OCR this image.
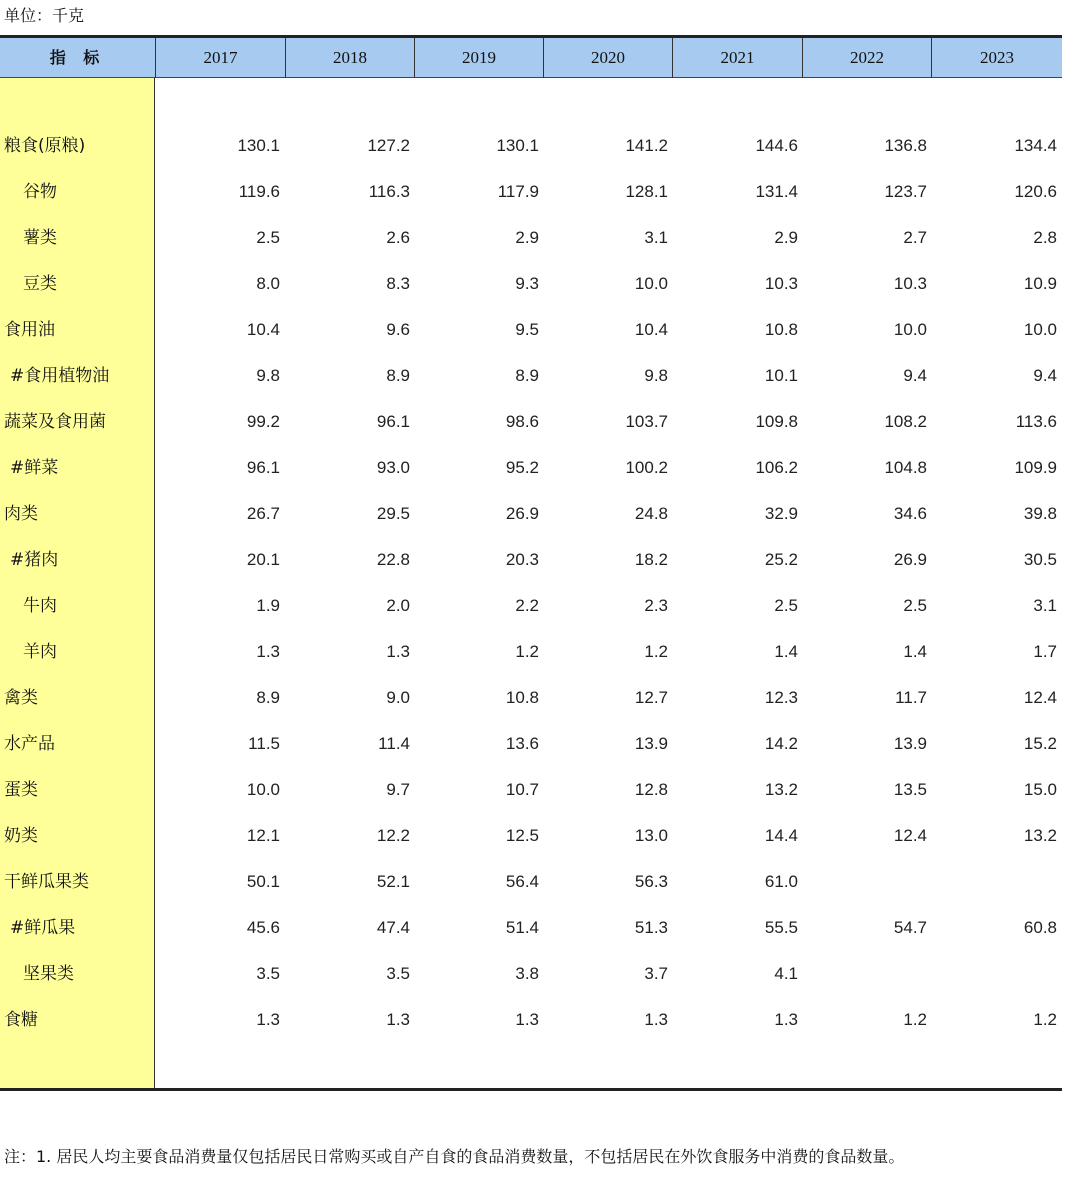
单位：千克
指 标	2017	2018	2019	2020	2021	2022	2023
粮食(原粮)	130.1	127.2	130.1	141.2	144.6	136.8	134.4
谷物	119.6	116.3	117.9	128.1	131.4	123.7	120.6
薯类	2.5	2.6	2.9	3.1	2.9	2.7	2.8
豆类	8.0	8.3	9.3	10.0	10.3	10.3	10.9
食用油	10.4	9.6	9.5	10.4	10.8	10.0	10.0
#食用植物油	9.8	8.9	8.9	9.8	10.1	9.4	9.4
蔬菜及食用菌	99.2	96.1	98.6	103.7	109.8	108.2	113.6
#鲜菜	96.1	93.0	95.2	100.2	106.2	104.8	109.9
肉类	26.7	29.5	26.9	24.8	32.9	34.6	39.8
#猪肉	20.1	22.8	20.3	18.2	25.2	26.9	30.5
牛肉	1.9	2.0	2.2	2.3	2.5	2.5	3.1
羊肉	1.3	1.3	1.2	1.2	1.4	1.4	1.7
禽类	8.9	9.0	10.8	12.7	12.3	11.7	12.4
水产品	11.5	11.4	13.6	13.9	14.2	13.9	15.2
蛋类	10.0	9.7	10.7	12.8	13.2	13.5	15.0
奶类	12.1	12.2	12.5	13.0	14.4	12.4	13.2
干鲜瓜果类	50.1	52.1	56.4	56.3	61.0
#鲜瓜果	45.6	47.4	51.4	51.3	55.5	54.7	60.8
坚果类	3.5	3.5	3.8	3.7	4.1
食糖	1.3	1.3	1.3	1.3	1.3	1.2	1.2
注：1. 居民人均主要食品消费量仅包括居民日常购买或自产自食的食品消费数量，不包括居民在外饮食服务中消费的食品数量。
